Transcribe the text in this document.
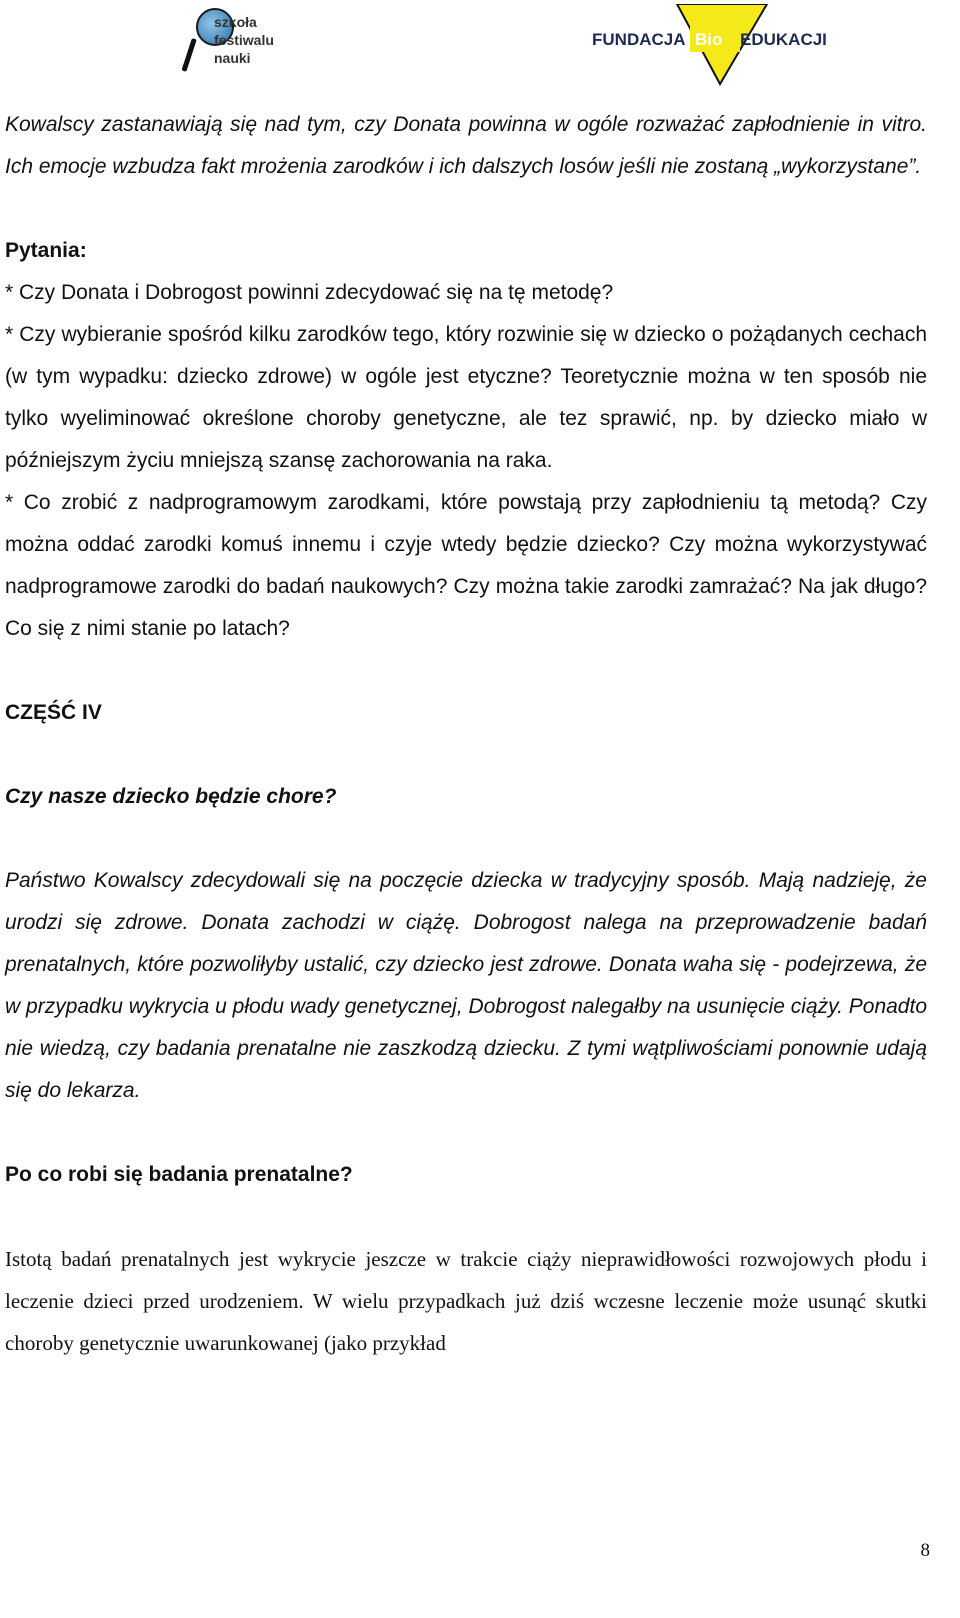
szkoła
festiwalu
nauki
FUNDACJA Bio EDUKACJI

Kowalscy zastanawiają się nad tym, czy Donata powinna w ogóle rozważać zapłodnienie in vitro. Ich emocje wzbudza fakt mrożenia zarodków i ich dalszych losów jeśli nie zostaną „wykorzystane”.

Pytania:

* Czy Donata i Dobrogost powinni zdecydować się na tę metodę?

* Czy wybieranie spośród kilku zarodków tego, który rozwinie się w dziecko o pożądanych cechach (w tym wypadku: dziecko zdrowe) w ogóle jest etyczne? Teoretycznie można w ten sposób nie tylko wyeliminować określone choroby genetyczne, ale tez sprawić, np. by dziecko miało w późniejszym życiu mniejszą szansę zachorowania na raka.

* Co zrobić z nadprogramowym zarodkami, które powstają przy zapłodnieniu tą metodą? Czy można oddać zarodki komuś innemu i czyje wtedy będzie dziecko? Czy można wykorzystywać nadprogramowe zarodki do badań naukowych? Czy można takie zarodki zamrażać? Na jak długo? Co się z nimi stanie po latach?

CZĘŚĆ IV

Czy nasze dziecko będzie chore?

Państwo Kowalscy zdecydowali się na poczęcie dziecka w tradycyjny sposób. Mają nadzieję, że urodzi się zdrowe. Donata zachodzi w ciążę. Dobrogost nalega na przeprowadzenie badań prenatalnych, które pozwoliłyby ustalić, czy dziecko jest zdrowe. Donata waha się - podejrzewa, że w przypadku wykrycia u płodu wady genetycznej, Dobrogost nalegałby na usunięcie ciąży. Ponadto nie wiedzą, czy badania prenatalne nie zaszkodzą dziecku. Z tymi wątpliwościami ponownie udają się do lekarza.

Po co robi się badania prenatalne?

Istotą badań prenatalnych jest wykrycie jeszcze w trakcie ciąży nieprawidłowości rozwojowych płodu i leczenie dzieci przed urodzeniem. W wielu przypadkach już dziś wczesne leczenie może usunąć skutki choroby genetycznie uwarunkowanej (jako przykład

8
